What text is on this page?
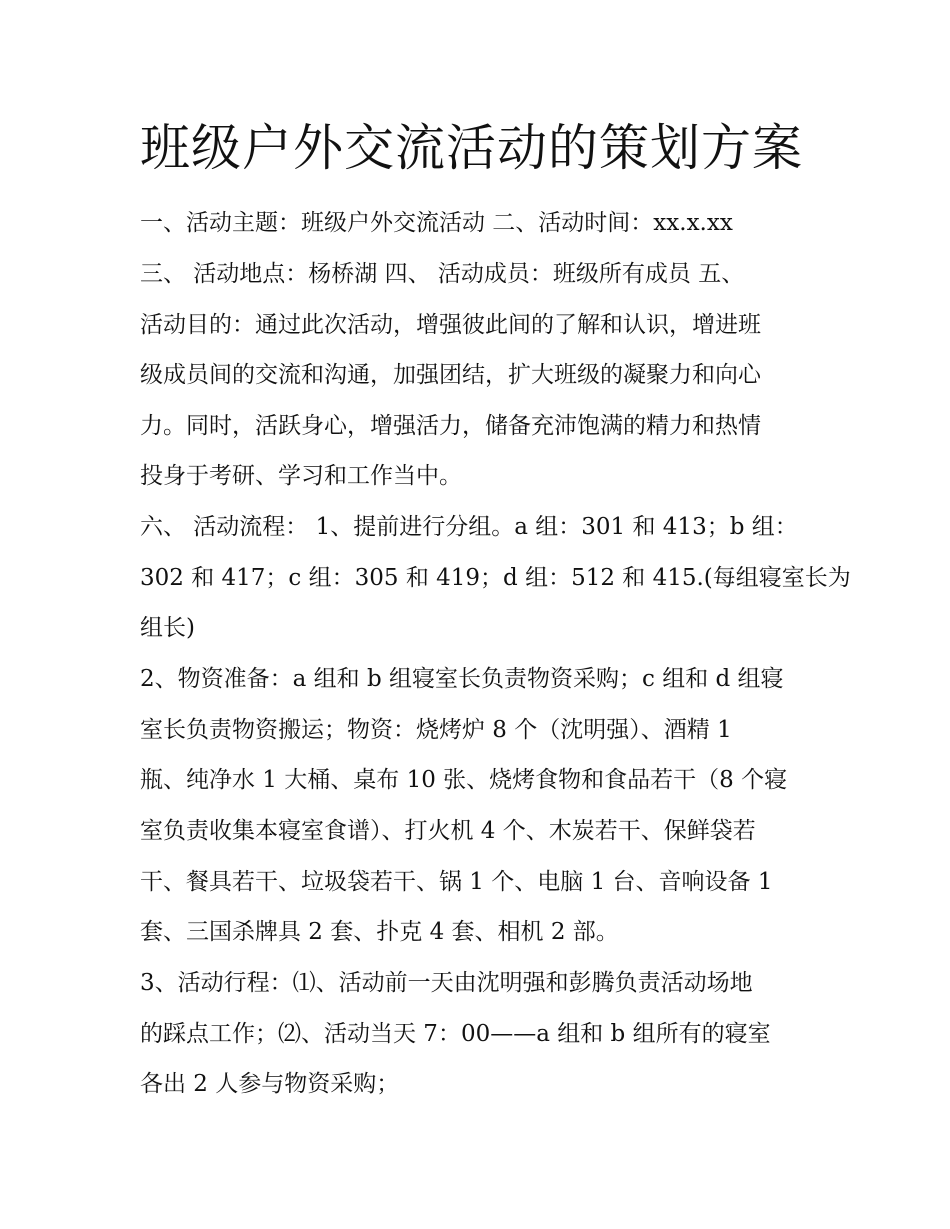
班级户外交流活动的策划方案

一、活动主题：班级户外交流活动 二、活动时间：xx.x.xx

三、 活动地点：杨桥湖 四、 活动成员：班级所有成员 五、

活动目的：通过此次活动，增强彼此间的了解和认识，增进班

级成员间的交流和沟通，加强团结，扩大班级的凝聚力和向心

力。同时，活跃身心，增强活力，储备充沛饱满的精力和热情

投身于考研、学习和工作当中。

六、 活动流程： 1、提前进行分组。a 组：301 和 413；b 组：

302 和 417；c 组：305 和 419；d 组：512 和 415.(每组寝室长为

组长)

2、物资准备：a 组和 b 组寝室长负责物资采购；c 组和 d 组寝

室长负责物资搬运；物资：烧烤炉 8 个（沈明强）、酒精 1

瓶、纯净水 1 大桶、桌布 10 张、烧烤食物和食品若干（8 个寝

室负责收集本寝室食谱）、打火机 4 个、木炭若干、保鲜袋若

干、餐具若干、垃圾袋若干、锅 1 个、电脑 1 台、音响设备 1

套、三国杀牌具 2 套、扑克 4 套、相机 2 部。

3、活动行程：⑴、活动前一天由沈明强和彭腾负责活动场地

的踩点工作；⑵、活动当天 7：00——a 组和 b 组所有的寝室

各出 2 人参与物资采购；
